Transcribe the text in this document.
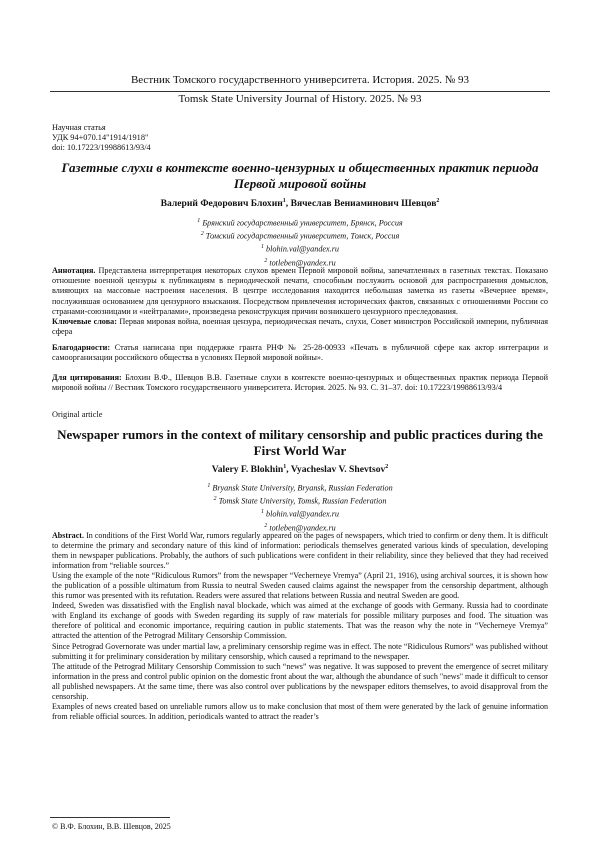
Вестник Томского государственного университета. История. 2025. № 93
Tomsk State University Journal of History. 2025. № 93
Научная статья
УДК 94+070.14"1914/1918"
doi: 10.17223/19988613/93/4
Газетные слухи в контексте военно-цензурных и общественных практик периода Первой мировой войны
Валерий Федорович Блохин$^1$, Вячеслав Вениаминович Шевцов$^2$
$^1$ Брянский государственный университет, Брянск, Россия
$^2$ Томский государственный университет, Томск, Россия
$^1$ blohin.val@yandex.ru
$^2$ totleben@yandex.ru

Аннотация. Представлена интерпретация некоторых слухов времен Первой мировой войны, запечатленных в газетных текстах. Показано отношение военной цензуры к публикациям в периодической печати, способным послужить основой для распространения домыслов, влияющих на массовые настроения населения. В центре исследования находится небольшая заметка из газеты «Вечернее время», послужившая основанием для цензурного взыскания. Посредством привлечения исторических фактов, связанных с отношениями России со странами-союзницами и «нейтралами», произведена реконструкция причин возникшего цензурного преследования.

Ключевые слова: Первая мировая война, военная цензура, периодическая печать, слухи, Совет министров Российской империи, публичная сфера

Благодарности: Статья написана при поддержке гранта РНФ № 25-28-00933 «Печать в публичной сфере как актор интеграции и самоорганизации российского общества в условиях Первой мировой войны».

Для цитирования: Блохин В.Ф., Шевцов В.В. Газетные слухи в контексте военно-цензурных и общественных практик периода Первой мировой войны // Вестник Томского государственного университета. История. 2025. № 93. С. 31–37. doi: 10.17223/19988613/93/4

Original article
Newspaper rumors in the context of military censorship and public practices during the First World War
Valery F. Blokhin$^1$, Vyacheslav V. Shevtsov$^2$
$^1$ Bryansk State University, Bryansk, Russian Federation
$^2$ Tomsk State University, Tomsk, Russian Federation
$^1$ blohin.val@yandex.ru
$^2$ totleben@yandex.ru

Abstract. In conditions of the First World War, rumors regularly appeared on the pages of newspapers, which tried to confirm or deny them. It is difficult to determine the primary and secondary nature of this kind of information: periodicals themselves generated various kinds of speculation, developing them in newspaper publications. Probably, the authors of such publications were confident in their reliability, since they believed that they had received information from “reliable sources.”

Using the example of the note “Ridiculous Rumors” from the newspaper “Vecherneye Vremya” (April 21, 1916), using archival sources, it is shown how the publication of a possible ultimatum from Russia to neutral Sweden caused claims against the newspaper from the censorship department, although this rumor was presented with its refutation. Readers were assured that relations between Russia and neutral Sweden are good.

Indeed, Sweden was dissatisfied with the English naval blockade, which was aimed at the exchange of goods with Germany. Russia had to coordinate with England its exchange of goods with Sweden regarding its supply of raw materials for possible military purposes and food. The situation was therefore of political and economic importance, requiring caution in public statements. That was the reason why the note in “Vecherneye Vremya” attracted the attention of the Petrograd Military Censorship Commission.

Since Petrograd Governorate was under martial law, a preliminary censorship regime was in effect. The note “Ridiculous Rumors” was published without submitting it for preliminary consideration by military censorship, which caused a reprimand to the newspaper.

The attitude of the Petrograd Military Censorship Commission to such “news” was negative. It was supposed to prevent the emergence of secret military information in the press and control public opinion on the domestic front about the war, although the abundance of such "news" made it difficult to censor all published newspapers. At the same time, there was also control over publications by the newspaper editors themselves, to avoid disapproval from the censorship.

Examples of news created based on unreliable rumors allow us to make conclusion that most of them were generated by the lack of genuine information from reliable official sources. In addition, periodicals wanted to attract the reader’s

© В.Ф. Блохин, В.В. Шевцов, 2025
